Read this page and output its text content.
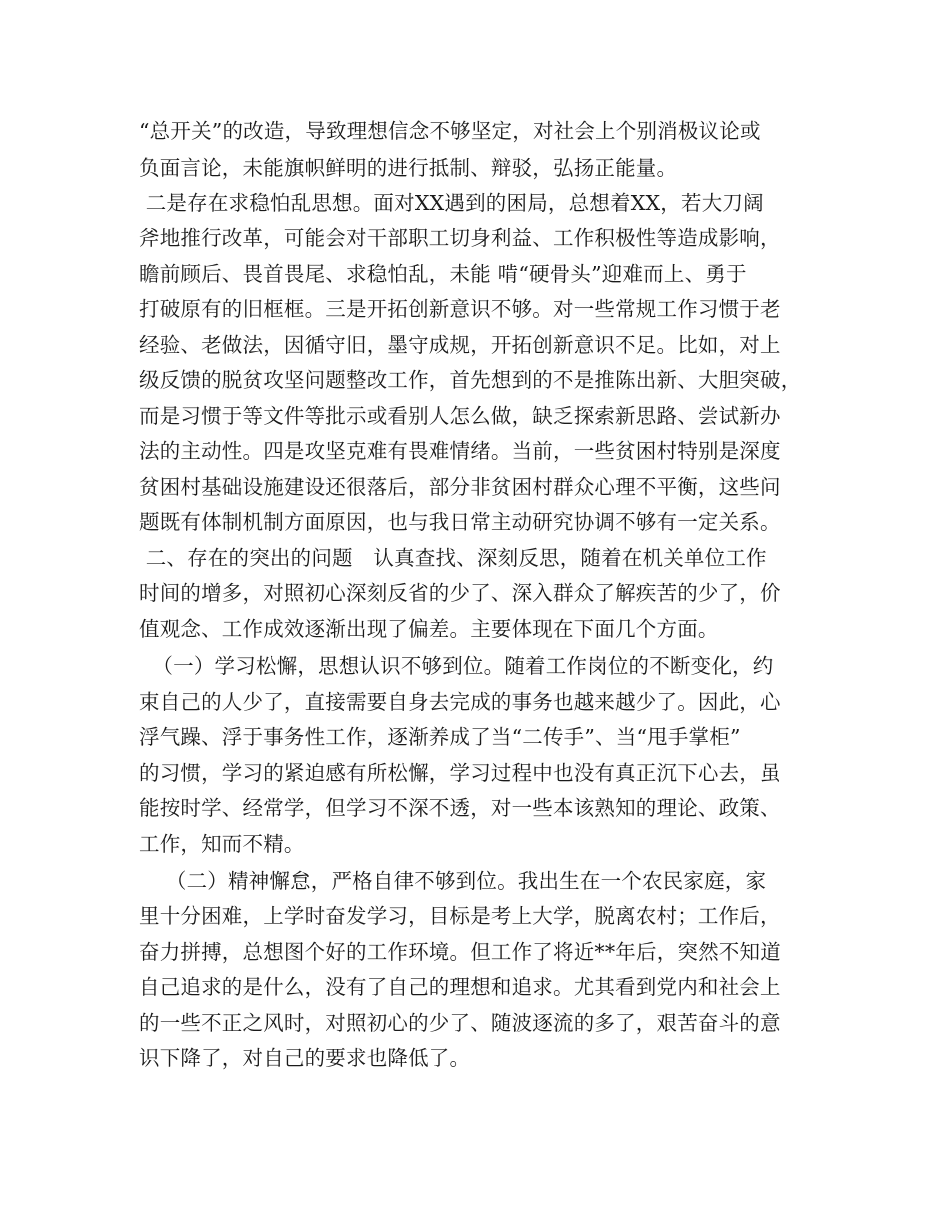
“总开关”的改造，导致理想信念不够坚定，对社会上个别消极议论或
负面言论，未能旗帜鲜明的进行抵制、辩驳，弘扬正能量。
二是存在求稳怕乱思想。面对XX遇到的困局，总想着XX，若大刀阔
斧地推行改革，可能会对干部职工切身利益、工作积极性等造成影响，
瞻前顾后、畏首畏尾、求稳怕乱，未能 啃“硬骨头”迎难而上、勇于
打破原有的旧框框。三是开拓创新意识不够。对一些常规工作习惯于老
经验、老做法，因循守旧，墨守成规，开拓创新意识不足。比如，对上
级反馈的脱贫攻坚问题整改工作，首先想到的不是推陈出新、大胆突破，
而是习惯于等文件等批示或看别人怎么做，缺乏探索新思路、尝试新办
法的主动性。四是攻坚克难有畏难情绪。当前，一些贫困村特别是深度
贫困村基础设施建设还很落后，部分非贫困村群众心理不平衡，这些问
题既有体制机制方面原因，也与我日常主动研究协调不够有一定关系。
二、存在的突出的问题　认真查找、深刻反思，随着在机关单位工作
时间的增多，对照初心深刻反省的少了、深入群众了解疾苦的少了，价
值观念、工作成效逐渐出现了偏差。主要体现在下面几个方面。
（一）学习松懈，思想认识不够到位。随着工作岗位的不断变化，约
束自己的人少了，直接需要自身去完成的事务也越来越少了。因此，心
浮气躁、浮于事务性工作，逐渐养成了当“二传手”、当“甩手掌柜”
的习惯，学习的紧迫感有所松懈，学习过程中也没有真正沉下心去，虽
能按时学、经常学，但学习不深不透，对一些本该熟知的理论、政策、
工作，知而不精。
（二）精神懈怠，严格自律不够到位。我出生在一个农民家庭，家
里十分困难，上学时奋发学习，目标是考上大学，脱离农村；工作后，
奋力拼搏，总想图个好的工作环境。但工作了将近**年后，突然不知道
自己追求的是什么，没有了自己的理想和追求。尤其看到党内和社会上
的一些不正之风时，对照初心的少了、随波逐流的多了，艰苦奋斗的意
识下降了，对自己的要求也降低了。
